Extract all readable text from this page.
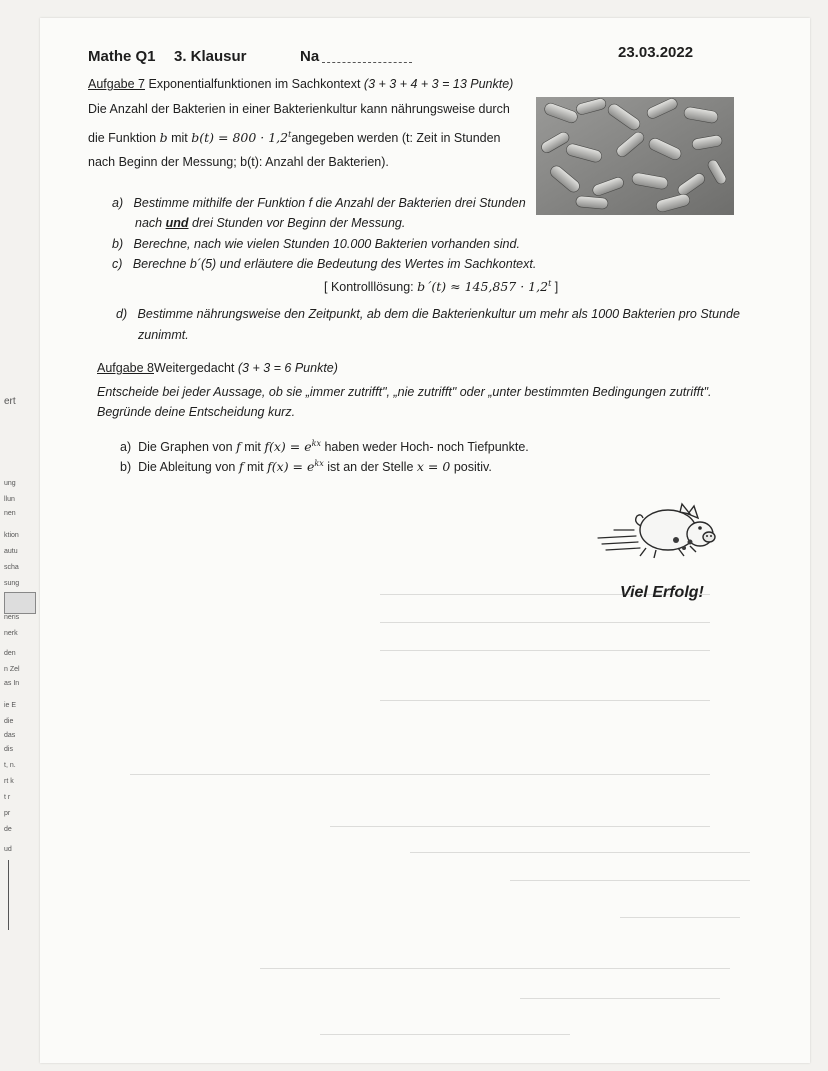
ert
ung
llun
nen
ktion
autu
scha
sung
neris
nerk
den
n Zel
as In
ie E
die
das
dis
t, n.
rt k
t r
pr
de
ud
Mathe Q1 3. Klausur	Na	23.03.2022
Aufgabe 7 Exponentialfunktionen im Sachkontext (3 + 3 + 4 + 3 = 13 Punkte)
Die Anzahl der Bakterien in einer Bakterienkultur kann nährungsweise durch
die Funktion b mit $b(t) = 800 \cdot 1,2^tangegeben$ werden (t: Zeit in Stunden
nach Beginn der Messung; b(t): Anzahl der Bakterien).
a) Bestimme mithilfe der Funktion f die Anzahl der Bakterien drei Stunden
nach und drei Stunden vor Beginn der Messung.
b) Berechne, nach wie vielen Stunden 10.000 Bakterien vorhanden sind.
c) Berechne b´(5) und erläutere die Bedeutung des Wertes im Sachkontext.
[ Kontrolllösung: b´(t) ≈ $145,857 \cdot 1,2^t$ ]
d) Bestimme nährungsweise den Zeitpunkt, ab dem die Bakterienkultur um mehr als 1000 Bakterien pro Stunde
zunimmt.
Aufgabe 8Weitergedacht (3 + 3 = 6 Punkte)
Entscheide bei jeder Aussage, ob sie „immer zutrifft", „nie zutrifft" oder „unter bestimmten Bedingungen zutrifft".
Begründe deine Entscheidung kurz.
a) Die Graphen von f mit $f(x) = e^{kx}$ haben weder Hoch- noch Tiefpunkte.
b) Die Ableitung von f mit $f(x) = e^{kx}$ ist an der Stelle x = 0 positiv.
Viel Erfolg!
